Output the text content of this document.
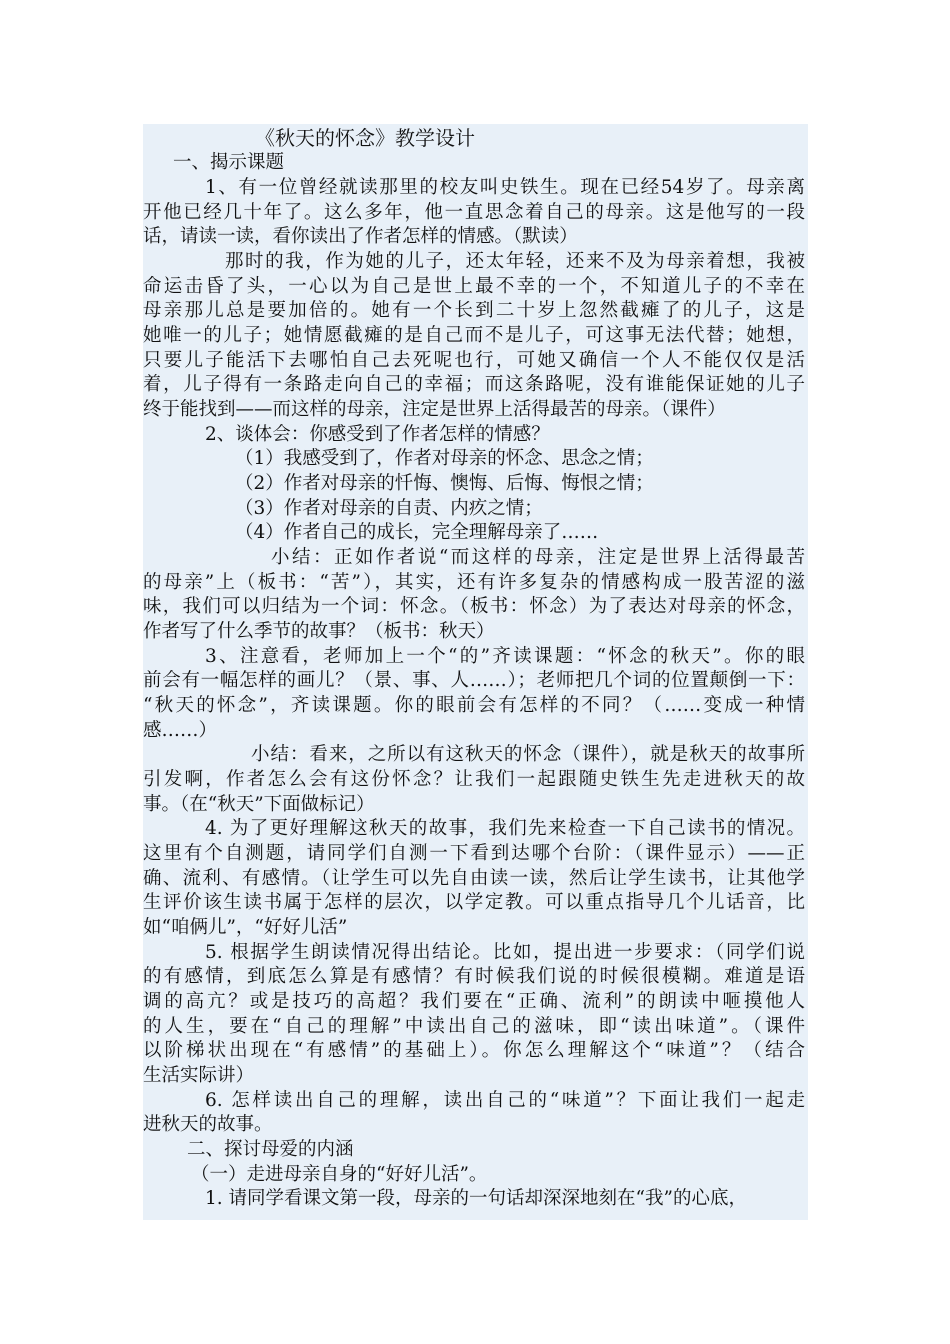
《秋天的怀念》教学设计
一、揭示课题
1、有一位曾经就读那里的校友叫史铁生。现在已经54岁了。母亲离
开他已经几十年了。这么多年，他一直思念着自己的母亲。这是他写的一段
话，请读一读，看你读出了作者怎样的情感。（默读）
那时的我，作为她的儿子，还太年轻，还来不及为母亲着想，我被
命运击昏了头，一心以为自己是世上最不幸的一个，不知道儿子的不幸在
母亲那儿总是要加倍的。她有一个长到二十岁上忽然截瘫了的儿子，这是
她唯一的儿子；她情愿截瘫的是自己而不是儿子，可这事无法代替；她想，
只要儿子能活下去哪怕自己去死呢也行，可她又确信一个人不能仅仅是活
着，儿子得有一条路走向自己的幸福；而这条路呢，没有谁能保证她的儿子
终于能找到——而这样的母亲，注定是世界上活得最苦的母亲。（课件）
2、谈体会：你感受到了作者怎样的情感？
（1）我感受到了，作者对母亲的怀念、思念之情；
（2）作者对母亲的忏悔、懊悔、后悔、悔恨之情；
（3）作者对母亲的自责、内疚之情；
（4）作者自己的成长，完全理解母亲了……
小结：正如作者说“而这样的母亲，注定是世界上活得最苦
的母亲”上（板书：“苦”），其实，还有许多复杂的情感构成一股苦涩的滋
味，我们可以归结为一个词：怀念。（板书：怀念）为了表达对母亲的怀念，
作者写了什么季节的故事？（板书：秋天）
3、注意看，老师加上一个“的”齐读课题：“怀念的秋天”。你的眼
前会有一幅怎样的画儿？（景、事、人……）；老师把几个词的位置颠倒一下：
“秋天的怀念”，齐读课题。你的眼前会有怎样的不同？（……变成一种情
感……）
小结：看来，之所以有这秋天的怀念（课件），就是秋天的故事所
引发啊，作者怎么会有这份怀念？让我们一起跟随史铁生先走进秋天的故
事。（在“秋天”下面做标记）
4. 为了更好理解这秋天的故事，我们先来检查一下自己读书的情况。
这里有个自测题，请同学们自测一下看到达哪个台阶：（课件显示）——正
确、流利、有感情。（让学生可以先自由读一读，然后让学生读书，让其他学
生评价该生读书属于怎样的层次，以学定教。可以重点指导几个儿话音，比
如“咱俩儿”，“好好儿活”
5. 根据学生朗读情况得出结论。比如，提出进一步要求：（同学们说
的有感情，到底怎么算是有感情？有时候我们说的时候很模糊。难道是语
调的高亢？或是技巧的高超？我们要在“正确、流利”的朗读中咂摸他人
的人生，要在“自己的理解”中读出自己的滋味，即“读出味道”。（课件
以阶梯状出现在“有感情”的基础上）。你怎么理解这个“味道”？（结合
生活实际讲）
6. 怎样读出自己的理解，读出自己的“味道”？下面让我们一起走
进秋天的故事。
二、探讨母爱的内涵
（一）走进母亲自身的“好好儿活”。
1. 请同学看课文第一段，母亲的一句话却深深地刻在“我”的心底，
